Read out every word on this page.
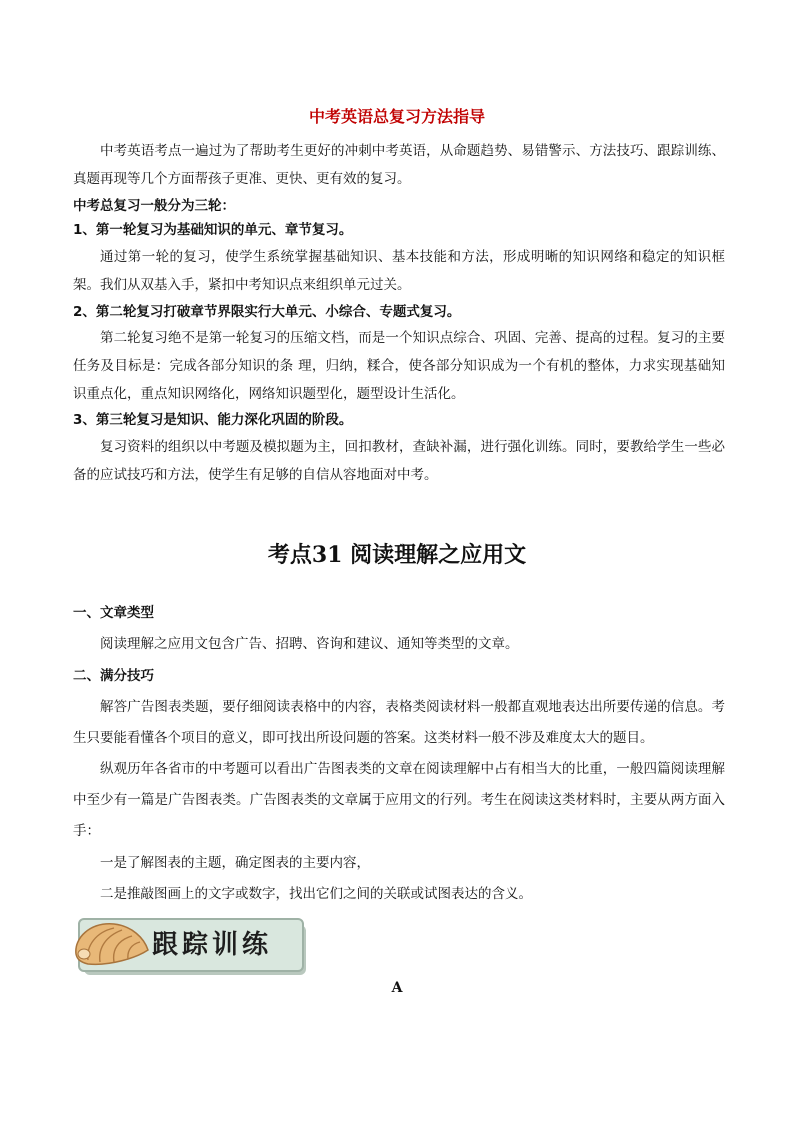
中考英语总复习方法指导

中考英语考点一遍过为了帮助考生更好的冲刺中考英语，从命题趋势、易错警示、方法技巧、跟踪训练、真题再现等几个方面帮孩子更准、更快、更有效的复习。

中考总复习一般分为三轮：
1、第一轮复习为基础知识的单元、章节复习。

通过第一轮的复习，使学生系统掌握基础知识、基本技能和方法，形成明晰的知识网络和稳定的知识框架。我们从双基入手，紧扣中考知识点来组织单元过关。

2、第二轮复习打破章节界限实行大单元、小综合、专题式复习。

第二轮复习绝不是第一轮复习的压缩文档，而是一个知识点综合、巩固、完善、提高的过程。复习的主要任务及目标是：完成各部分知识的条 理，归纳，糅合，使各部分知识成为一个有机的整体，力求实现基础知识重点化，重点知识网络化，网络知识题型化，题型设计生活化。

3、第三轮复习是知识、能力深化巩固的阶段。

复习资料的组织以中考题及模拟题为主，回扣教材，查缺补漏，进行强化训练。同时，要教给学生一些必备的应试技巧和方法，使学生有足够的自信从容地面对中考。

考点31 阅读理解之应用文
一、文章类型

阅读理解之应用文包含广告、招聘、咨询和建议、通知等类型的文章。

二、满分技巧

解答广告图表类题，要仔细阅读表格中的内容，表格类阅读材料一般都直观地表达出所要传递的信息。考生只要能看懂各个项目的意义，即可找出所设问题的答案。这类材料一般不涉及难度太大的题目。

纵观历年各省市的中考题可以看出广告图表类的文章在阅读理解中占有相当大的比重，一般四篇阅读理解中至少有一篇是广告图表类。广告图表类的文章属于应用文的行列。考生在阅读这类材料时，主要从两方面入手：

一是了解图表的主题，确定图表的主要内容，

二是推敲图画上的文字或数字，找出它们之间的关联或试图表达的含义。

跟踪训练
A
